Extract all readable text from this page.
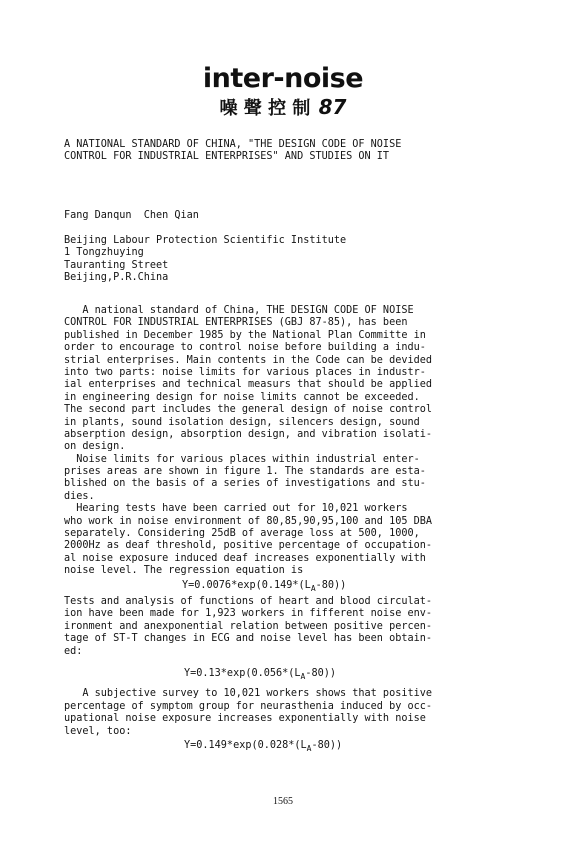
inter-noise
噪 聲 控 制 87
A NATIONAL STANDARD OF CHINA, "THE DESIGN CODE OF NOISE
CONTROL FOR INDUSTRIAL ENTERPRISES" AND STUDIES ON IT
Fang Danqun  Chen Qian
Beijing Labour Protection Scientific Institute
1 Tongzhuying
Tauranting Street
Beijing,P.R.China
A national standard of China, THE DESIGN CODE OF NOISE
CONTROL FOR INDUSTRIAL ENTERPRISES (GBJ 87-85), has been
published in December 1985 by the National Plan Committe in
order to encourage to control noise before building a indu-
strial enterprises. Main contents in the Code can be devided
into two parts: noise limits for various places in industr-
ial enterprises and technical measurs that should be applied
in engineering design for noise limits cannot be exceeded.
The second part includes the general design of noise control
in plants, sound isolation design, silencers design, sound
abserption design, absorption design, and vibration isolati-
on design.
Noise limits for various places within industrial enter-
prises areas are shown in figure 1. The standards are esta-
blished on the basis of a series of investigations and stu-
dies.
Hearing tests have been carried out for 10,021 workers
who work in noise environment of 80,85,90,95,100 and 105 DBA
separately. Considering 25dB of average loss at 500, 1000,
2000Hz as deaf threshold, positive percentage of occupation-
al noise exposure induced deaf increases exponentially with
noise level. The regression equation is
$Y=0.0076*\exp(0.149*(L_A-80))$
Tests and analysis of functions of heart and blood circulat-
ion have been made for 1,923 workers in fifferent noise env-
ironment and anexponential relation between positive percen-
tage of ST-T changes in ECG and noise level has been obtain-
ed:
$Y=0.13*\exp(0.056*(L_A-80))$
A subjective survey to 10,021 workers shows that positive
percentage of symptom group for neurasthenia induced by occ-
upational noise exposure increases exponentially with noise
level, too:
$Y=0.149*\exp(0.028*(L_A-80))$
1565
